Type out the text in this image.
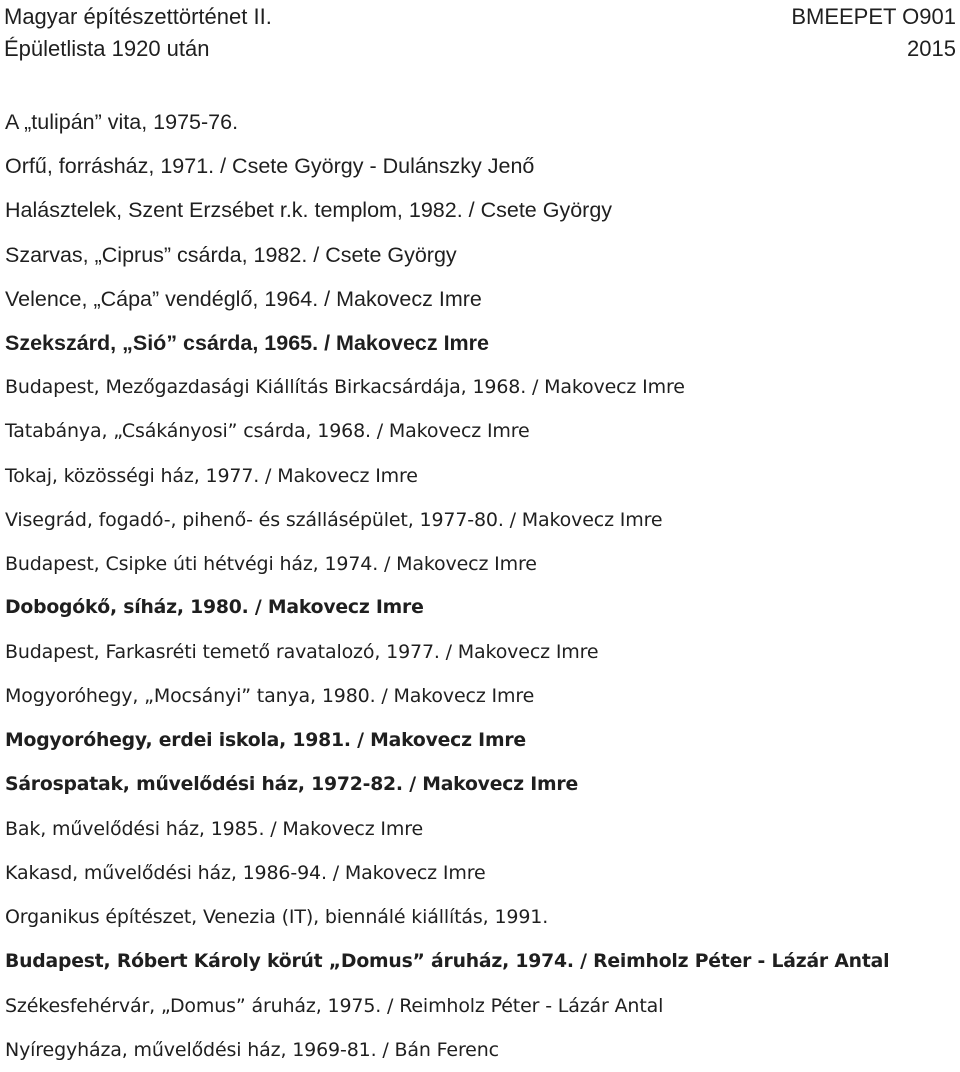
Magyar építészettörténet II.	BMEEPET O901
Épületlista 1920 után	2015
A „tulipán” vita, 1975-76.
Orfű, forrásház, 1971. / Csete György - Dulánszky Jenő
Halásztelek, Szent Erzsébet r.k. templom, 1982. / Csete György
Szarvas, „Ciprus” csárda, 1982. / Csete György
Velence, „Cápa” vendéglő, 1964. / Makovecz Imre
Szekszárd, „Sió” csárda, 1965. / Makovecz Imre
Budapest, Mezőgazdasági Kiállítás Birkacsárdája, 1968. / Makovecz Imre
Tatabánya, „Csákányosi” csárda, 1968. / Makovecz Imre
Tokaj, közösségi ház, 1977. / Makovecz Imre
Visegrád, fogadó-, pihenő- és szállásépület, 1977-80. / Makovecz Imre
Budapest, Csipke úti hétvégi ház, 1974. / Makovecz Imre
Dobogókő, síház, 1980. / Makovecz Imre
Budapest, Farkasréti temető ravatalozó, 1977. / Makovecz Imre
Mogyoróhegy, „Mocsányi” tanya, 1980. / Makovecz Imre
Mogyoróhegy, erdei iskola, 1981. / Makovecz Imre
Sárospatak, művelődési ház, 1972-82. / Makovecz Imre
Bak, művelődési ház, 1985. / Makovecz Imre
Kakasd, művelődési ház, 1986-94. / Makovecz Imre
Organikus építészet, Venezia (IT), biennálé kiállítás, 1991.
Budapest, Róbert Károly körút „Domus” áruház, 1974. / Reimholz Péter - Lázár Antal
Székesfehérvár, „Domus” áruház, 1975. / Reimholz Péter - Lázár Antal
Nyíregyháza, művelődési ház, 1969-81. / Bán Ferenc
